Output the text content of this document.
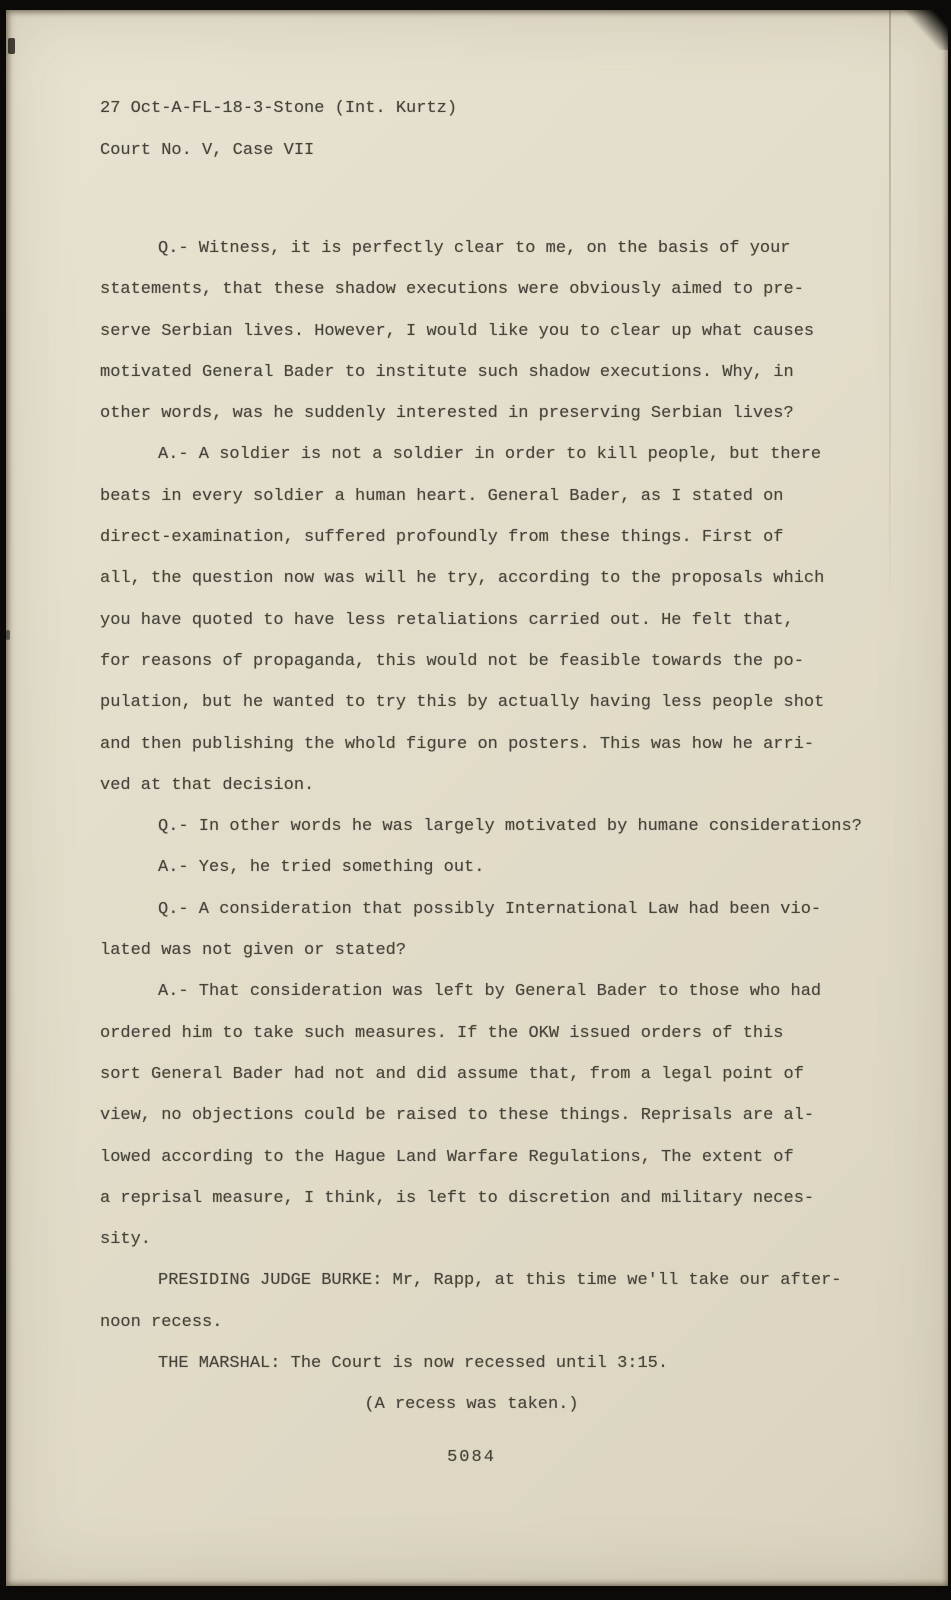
27 Oct-A-FL-18-3-Stone (Int. Kurtz)
Court No. V, Case VII
Q.- Witness, it is perfectly clear to me, on the basis of your
statements, that these shadow executions were obviously aimed to pre-
serve Serbian lives. However, I would like you to clear up what causes
motivated General Bader to institute such shadow executions. Why, in
other words, was he suddenly interested in preserving Serbian lives?
A.- A soldier is not a soldier in order to kill people, but there
beats in every soldier a human heart. General Bader, as I stated on
direct-examination, suffered profoundly from these things. First of
all, the question now was will he try, according to the proposals which
you have quoted to have less retaliations carried out. He felt that,
for reasons of propaganda, this would not be feasible towards the po-
pulation, but he wanted to try this by actually having less people shot
and then publishing the whold figure on posters. This was how he arri-
ved at that decision.
Q.- In other words he was largely motivated by humane considerations?
A.- Yes, he tried something out.
Q.- A consideration that possibly International Law had been vio-
lated was not given or stated?
A.- That consideration was left by General Bader to those who had
ordered him to take such measures. If the OKW issued orders of this
sort General Bader had not and did assume that, from a legal point of
view, no objections could be raised to these things. Reprisals are al-
lowed according to the Hague Land Warfare Regulations, The extent of
a reprisal measure, I think, is left to discretion and military neces-
sity.
PRESIDING JUDGE BURKE: Mr, Rapp, at this time we'll take our after-
noon recess.
THE MARSHAL: The Court is now recessed until 3:15.
(A recess was taken.)
5084
